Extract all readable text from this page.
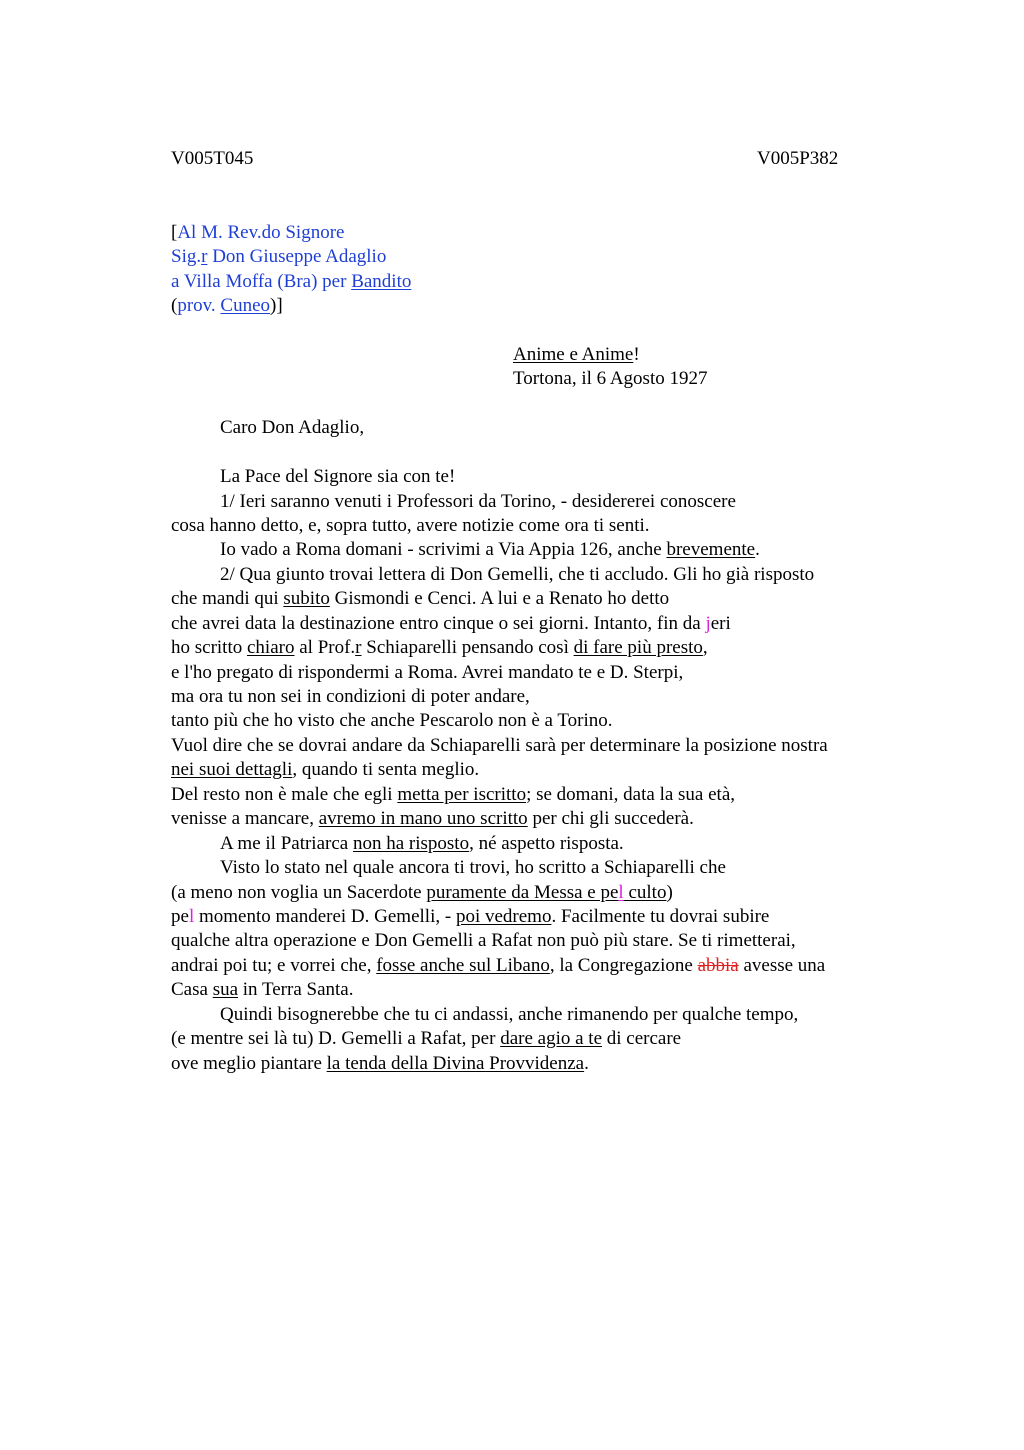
V005T045	V005P382
[Al M. Rev.do Signore
Sig.r Don Giuseppe Adaglio
a Villa Moffa (Bra) per Bandito
(prov. Cuneo)]
Anime e Anime!
Tortona, il 6 Agosto 1927
Caro Don Adaglio,
La Pace del Signore sia con te!
1/ Ieri saranno venuti i Professori da Torino, - desidererei conoscere
cosa hanno detto, e, sopra tutto, avere notizie come ora ti senti.
Io vado a Roma domani - scrivimi a Via Appia 126, anche brevemente.
2/ Qua giunto trovai lettera di Don Gemelli, che ti accludo. Gli ho già risposto
che mandi qui subito Gismondi e Cenci. A lui e a Renato ho detto
che avrei data la destinazione entro cinque o sei giorni. Intanto, fin da jeri
ho scritto chiaro al Prof.r Schiaparelli pensando così di fare più presto,
e l'ho pregato di rispondermi a Roma. Avrei mandato te e D. Sterpi,
ma ora tu non sei in condizioni di poter andare,
tanto più che ho visto che anche Pescarolo non è a Torino.
Vuol dire che se dovrai andare da Schiaparelli sarà per determinare la posizione nostra
nei suoi dettagli, quando ti senta meglio.
Del resto non è male che egli metta per iscritto; se domani, data la sua età,
venisse a mancare, avremo in mano uno scritto per chi gli succederà.
A me il Patriarca non ha risposto, né aspetto risposta.
Visto lo stato nel quale ancora ti trovi, ho scritto a Schiaparelli che
(a meno non voglia un Sacerdote puramente da Messa e pel culto)
pel momento manderei D. Gemelli, - poi vedremo. Facilmente tu dovrai subire
qualche altra operazione e Don Gemelli a Rafat non può più stare. Se ti rimetterai,
andrai poi tu; e vorrei che, fosse anche sul Libano, la Congregazione abbia avesse una
Casa sua in Terra Santa.
Quindi bisognerebbe che tu ci andassi, anche rimanendo per qualche tempo,
(e mentre sei là tu) D. Gemelli a Rafat, per dare agio a te di cercare
ove meglio piantare la tenda della Divina Provvidenza.
